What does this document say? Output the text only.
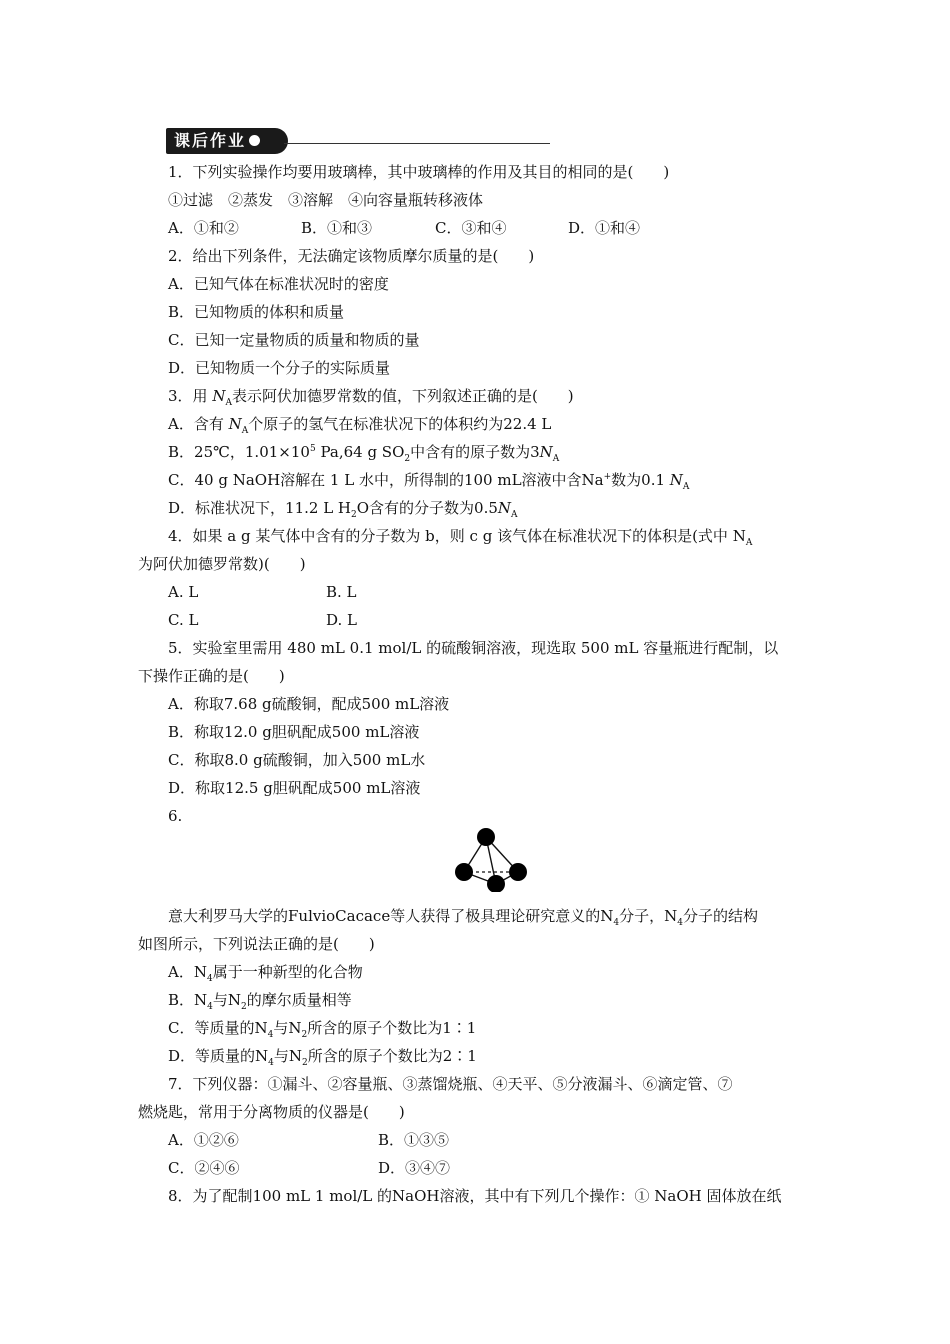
课后作业
1．下列实验操作均要用玻璃棒，其中玻璃棒的作用及其目的相同的是(　　)
①过滤　②蒸发　③溶解　④向容量瓶转移液体
A．①和②	B．①和③	C．③和④	D．①和④
2．给出下列条件，无法确定该物质摩尔质量的是(　　)
A．已知气体在标准状况时的密度
B．已知物质的体积和质量
C．已知一定量物质的质量和物质的量
D．已知物质一个分子的实际质量
3．用 $N_A$表示阿伏加德罗常数的值，下列叙述正确的是(　　)
A．含有 $N_A$个原子的氢气在标准状况下的体积约为22.4 L
B．25℃，$1.01\times 10^5$ Pa,64 g $SO_2$中含有的原子数为$3N_A$
C．40 g NaOH溶解在 1 L 水中，所得制的100 mL溶液中含Na+数为0.1 $N_A$
D．标准状况下，11.2 L $H_2O$含有的分子数为$0.5N_A$
4．如果 a g 某气体中含有的分子数为 b，则 c g 该气体在标准状况下的体积是(式中 $N_A$
为阿伏加德罗常数)(　　)
A. L	B. L
C. L	D. L
5．实验室里需用 480 mL 0.1 mol/L 的硫酸铜溶液，现选取 500 mL 容量瓶进行配制，以
下操作正确的是(　　)
A．称取7.68 g硫酸铜，配成500 mL溶液
B．称取12.0 g胆矾配成500 mL溶液
C．称取8.0 g硫酸铜，加入500 mL水
D．称取12.5 g胆矾配成500 mL溶液
6.
意大利罗马大学的FulvioCacace等人获得了极具理论研究意义的$N_4$分子，$N_4$分子的结构
如图所示，下列说法正确的是(　　)
A．$N_4$属于一种新型的化合物
B．$N_4$与$N_2$的摩尔质量相等
C．等质量的$N_4$与$N_2$所含的原子个数比为1∶1
D．等质量的$N_4$与$N_2$所含的原子个数比为2∶1
7．下列仪器：①漏斗、②容量瓶、③蒸馏烧瓶、④天平、⑤分液漏斗、⑥滴定管、⑦
燃烧匙，常用于分离物质的仪器是(　　)
A．①②⑥	B．①③⑤
C．②④⑥	D．③④⑦
8．为了配制100 mL 1 mol/L 的NaOH溶液，其中有下列几个操作：① NaOH 固体放在纸
